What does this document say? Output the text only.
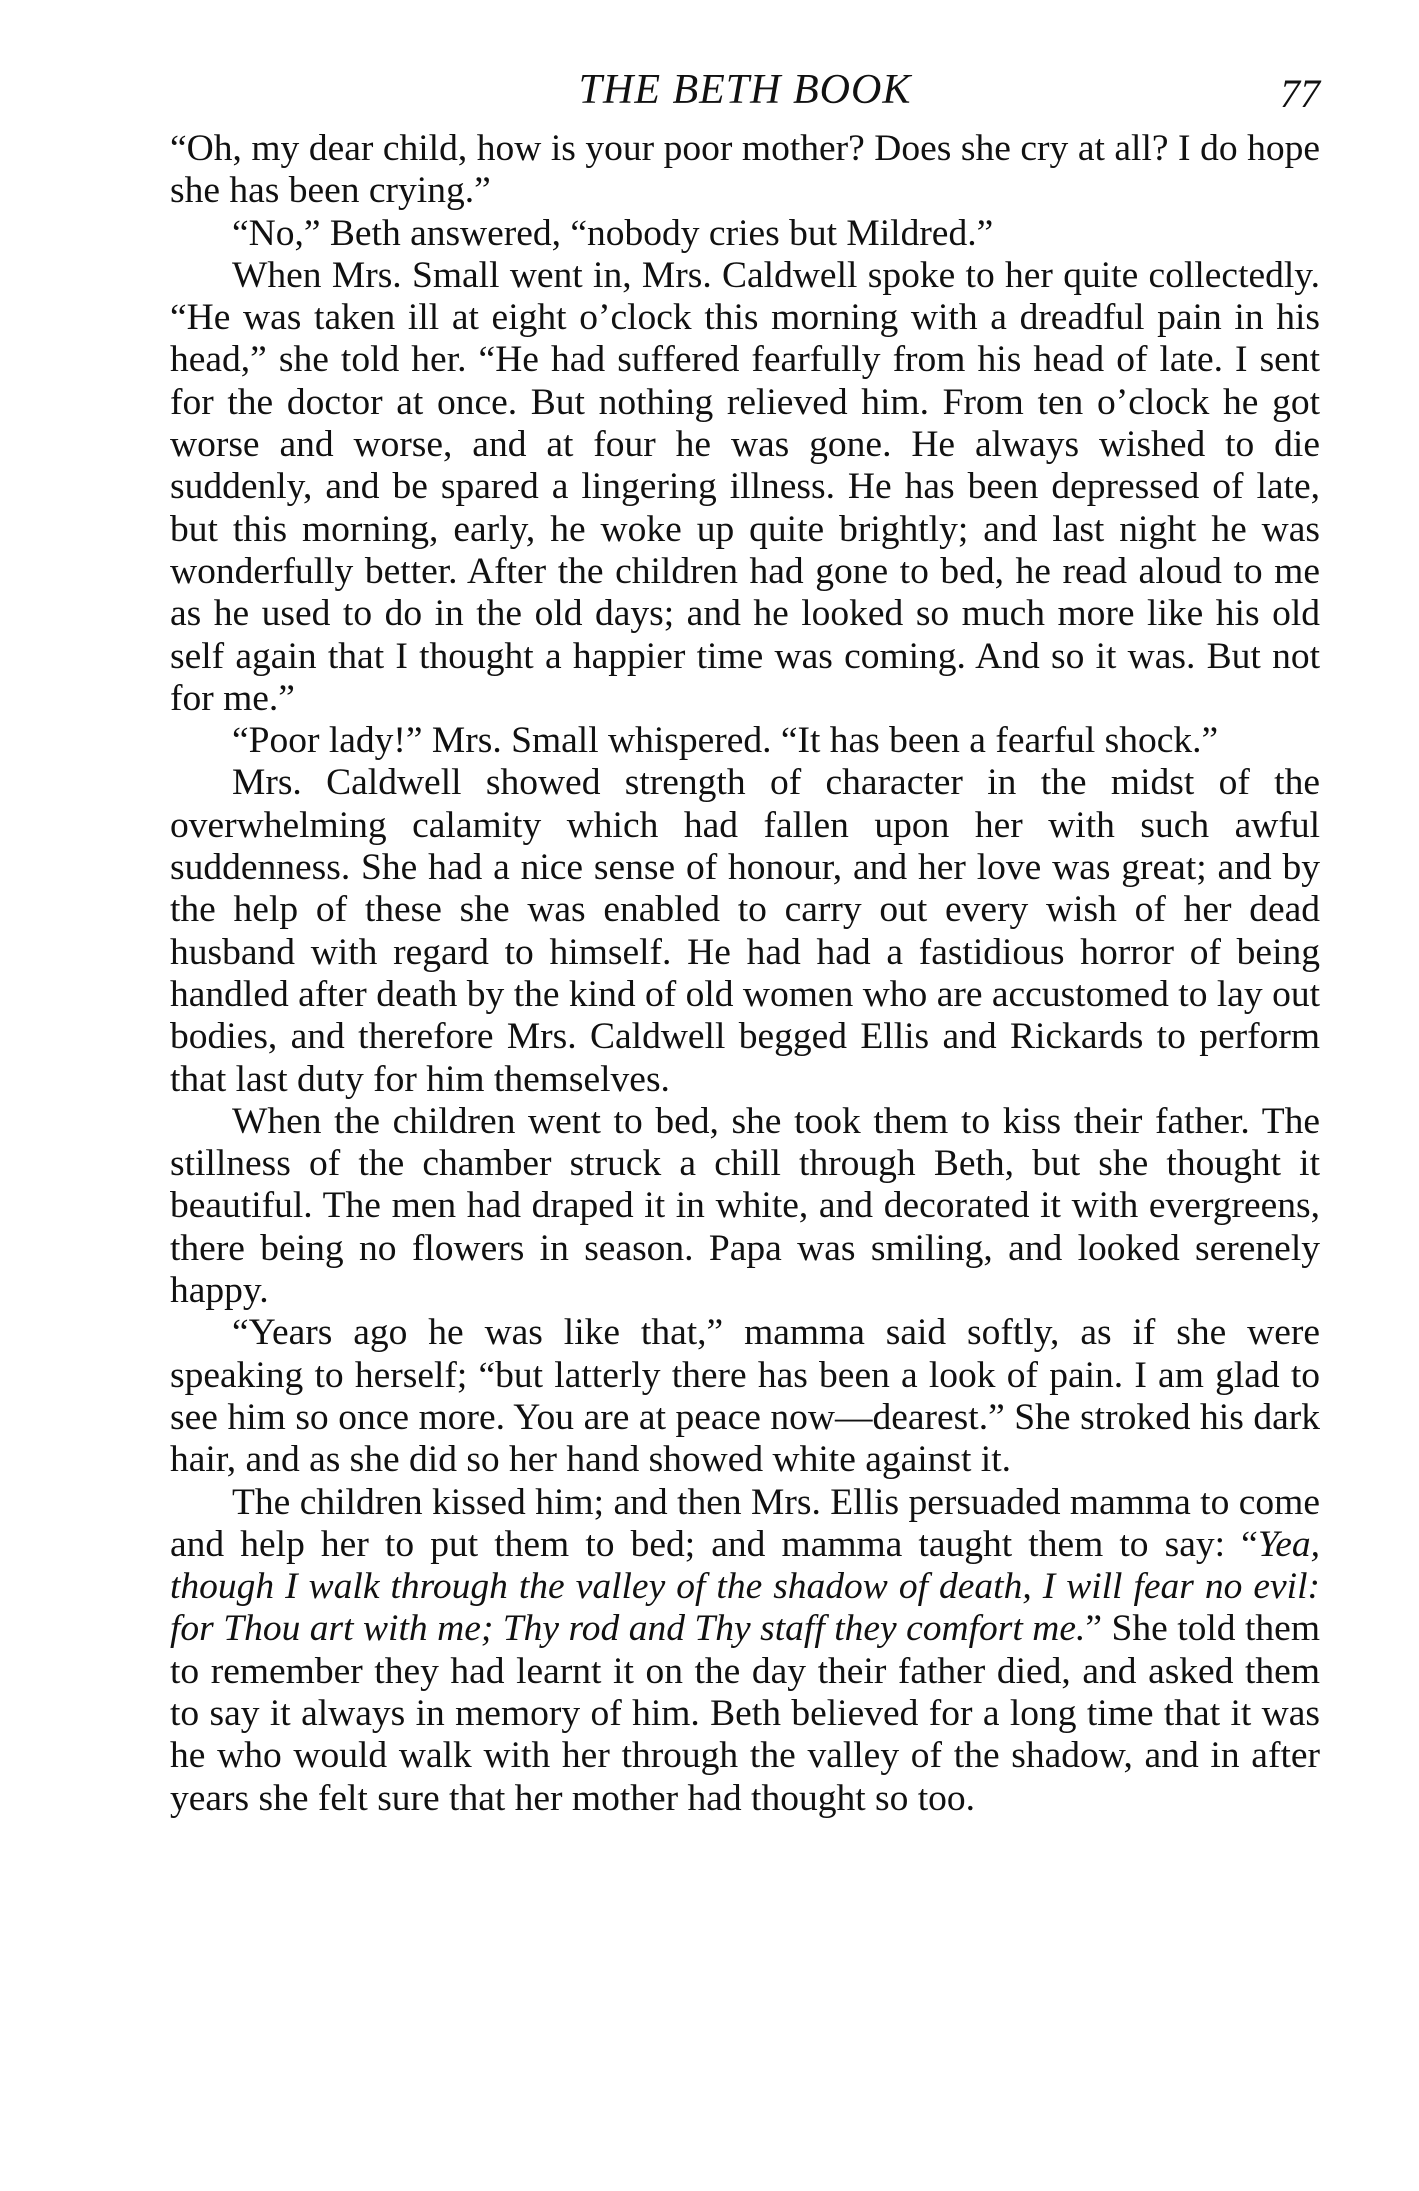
THE BETH BOOK	77

“Oh, my dear child, how is your poor mother? Does she cry at all? I do hope she has been crying.”

“No,” Beth answered, “nobody cries but Mildred.”

When Mrs. Small went in, Mrs. Caldwell spoke to her quite collectedly. “He was taken ill at eight o’clock this morning with a dreadful pain in his head,” she told her. “He had suffered fearfully from his head of late. I sent for the doctor at once. But nothing relieved him. From ten o’clock he got worse and worse, and at four he was gone. He always wished to die suddenly, and be spared a lingering illness. He has been depressed of late, but this morning, early, he woke up quite brightly; and last night he was wonderfully better. After the children had gone to bed, he read aloud to me as he used to do in the old days; and he looked so much more like his old self again that I thought a happier time was coming. And so it was. But not for me.”

“Poor lady!” Mrs. Small whispered. “It has been a fearful shock.”

Mrs. Caldwell showed strength of character in the midst of the overwhelming calamity which had fallen upon her with such awful suddenness. She had a nice sense of honour, and her love was great; and by the help of these she was enabled to carry out every wish of her dead husband with regard to himself. He had had a fastidious horror of being handled after death by the kind of old women who are accustomed to lay out bodies, and therefore Mrs. Caldwell begged Ellis and Rickards to perform that last duty for him themselves.

When the children went to bed, she took them to kiss their father. The stillness of the chamber struck a chill through Beth, but she thought it beautiful. The men had draped it in white, and decorated it with evergreens, there being no flowers in season. Papa was smiling, and looked serenely happy.

“Years ago he was like that,” mamma said softly, as if she were speaking to herself; “but latterly there has been a look of pain. I am glad to see him so once more. You are at peace now—dearest.” She stroked his dark hair, and as she did so her hand showed white against it.

The children kissed him; and then Mrs. Ellis persuaded mamma to come and help her to put them to bed; and mamma taught them to say: “Yea, though I walk through the valley of the shadow of death, I will fear no evil: for Thou art with me; Thy rod and Thy staff they comfort me.” She told them to remember they had learnt it on the day their father died, and asked them to say it always in memory of him. Beth believed for a long time that it was he who would walk with her through the valley of the shadow, and in after years she felt sure that her mother had thought so too.
